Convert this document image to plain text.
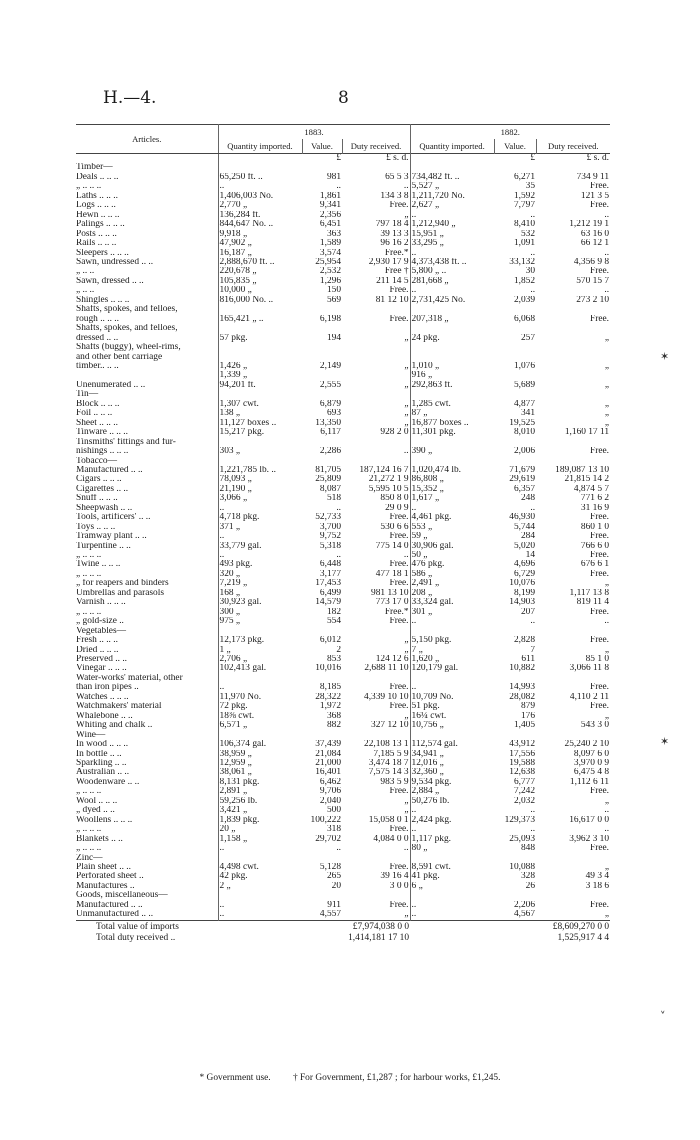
H.—4.	8
Articles.	1883.			1882.		
	Quantity imported.	Value.	Duty received.	Quantity imported.	Value.	Duty received.
		£	£ s. d.		£	£ s. d.
Timber—						
Deals .. .. ..	65,250 ft. ..	981	65 5 3	734,482 ft. ..	6,271	734 9 11
„ .. .. ..	..	..	..	5,527 „	35	Free.
Laths .. .. ..	1,406,003 No.	1,861	134 3 8	1,211,720 No.	1,592	121 3 5
Logs .. .. ..	2,770 „	9,341	Free.	2,627 „	7,797	Free.
Hewn .. .. ..	136,284 ft.	2,356	„	..	..	..
Palings .. .. ..	844,647 No. ..	6,451	797 18 4	1,212,940 „	8,410	1,212 19 1
Posts .. .. ..	9,918 „	363	39 13 3	15,951 „	532	63 16 0
Rails .. .. ..	47,902 „	1,589	96 16 2	33,295 „	1,091	66 12 1
Sleepers .. .. ..	16,187 „	3,574	Free.*	..	..	..
Sawn, undressed .. ..	2,888,670 ft. ..	25,954	2,930 17 9	4,373,438 ft. ..	33,132	4,356 9 8
„ .. ..	220,678 „	2,532	Free †	5,800 „ ..	30	Free.
Sawn, dressed .. ..	105,835 „	1,296	211 14 5	281,668 „	1,852	570 15 7
„ .. ..	10,000 „	150	Free.	..	..	..
Shingles .. .. ..	816,000 No. ..	569	81 12 10	2,731,425 No.	2,039	273 2 10
Shafts, spokes, and felloes,						
rough .. .. ..	165,421 „ ..	6,198	Free.	207,318 „	6,068	Free.
Shafts, spokes, and felloes,						
dressed .. ..	57 pkg.	194	„	24 pkg.	257	„
Shafts (buggy), wheel-rims,						
and other bent carriage						
timber.. .. ..	1,426 „	2,149	„	1,010 „	1,076	„
	1,339 „			916 „		
Unenumerated .. ..	94,201 ft.	2,555	„	292,863 ft.	5,689	„
Tin—						
Block .. .. ..	1,307 cwt.	6,879	„	1,285 cwt.	4,877	„
Foil .. .. ..	138 „	693	„	87 „	341	„
Sheet .. .. ..	11,127 boxes ..	13,350	„	16,877 boxes ..	19,525	„
Tinware .. .. ..	15,217 pkg.	6,117	928 2 0	11,301 pkg.	8,010	1,160 17 11
Tinsmiths' fittings and fur-						
nishings .. .. ..	303 „	2,286	..	390 „	2,006	Free.
Tobacco—						
Manufactured .. ..	1,221,785 lb. ..	81,705	187,124 16 7	1,020,474 lb.	71,679	189,087 13 10
Cigars .. .. ..	78,093 „	25,809	21,272 1 9	86,808 „	29,619	21,815 14 2
Cigarettes .. ..	21,190 „	8,087	5,595 10 5	15,352 „	6,357	4,874 5 7
Snuff .. .. ..	3,066 „	518	850 8 0	1,617 „	248	771 6 2
Sheepwash .. ..	..	..	29 0 9	..	..	31 16 9
Tools, artificers' .. ..	4,718 pkg.	52,733	Free.	4,461 pkg.	46,930	Free.
Toys .. .. ..	371 „	3,700	530 6 6	553 „	5,744	860 1 0
Tramway plant .. ..	..	9,752	Free.	59 „	284	Free.
Turpentine .. ..	33,779 gal.	5,318	775 14 0	30,906 gal.	5,020	766 6 0
„ .. .. ..	..	..	..	50 „	14	Free.
Twine .. .. ..	493 pkg.	6,448	Free.	476 pkg.	4,696	676 6 1
„ .. .. ..	320 „	3,177	477 18 1	586 „	6,729	Free.
„ for reapers and binders	7,219 „	17,453	Free.	2,491 „	10,076	„
Umbrellas and parasols	168 „	6,499	981 13 10	208 „	8,199	1,117 13 8
Varnish .. .. ..	30,923 gal.	14,579	773 17 0	33,324 gal.	14,903	819 11 4
„ .. .. ..	300 „	182	Free.*	301 „	207	Free.
„ gold-size ..	975 „	554	Free.	..	..	..
Vegetables—						
Fresh .. .. ..	12,173 pkg.	6,012	„	5,150 pkg.	2,828	Free.
Dried .. .. ..	1 „	2	„	7 „	7	„
Preserved .. ..	2,706 „	853	124 12 6	1,620 „	611	85 1 0
Vinegar .. .. ..	102,413 gal.	10,016	2,688 11 10	120,179 gal.	10,882	3,066 11 8
Water-works' material, other						
than iron pipes ..	..	8,185	Free.	..	14,993	Free.
Watches .. .. ..	11,970 No.	28,322	4,339 10 10	10,709 No.	28,082	4,110 2 11
Watchmakers' material	72 pkg.	1,972	Free.	51 pkg.	879	Free.
Whalebone .. ..	18⅜ cwt.	368	„	16¼ cwt.	176	„
Whiting and chalk ..	6,571 „	882	327 12 10	10,756 „	1,405	543 3 0
Wine—						
In wood .. .. ..	106,374 gal.	37,439	22,108 13 1	112,574 gal.	43,912	25,240 2 10
In bottle .. ..	38,959 „	21,084	7,185 5 9	34,941 „	17,556	8,097 6 0
Sparkling .. ..	12,959 „	21,000	3,474 18 7	12,016 „	19,588	3,970 0 9
Australian .. ..	38,061 „	16,401	7,575 14 3	32,360 „	12,638	6,475 4 8
Woodenware .. ..	8,131 pkg.	6,462	983 5 9	9,534 pkg.	6,777	1,112 6 11
„ .. .. ..	2,891 „	9,706	Free.	2,884 „	7,242	Free.
Wool .. .. ..	59,256 lb.	2,040	„	50,276 lb.	2,032	„
„ dyed .. ..	3,421 „	500	„	..	..	..
Woollens .. .. ..	1,839 pkg.	100,222	15,058 0 1	2,424 pkg.	129,373	16,617 0 0
„ .. .. ..	20 „	318	Free.	..	..	..
Blankets .. ..	1,158 „	29,702	4,084 0 0	1,117 pkg.	25,093	3,962 3 10
„ .. .. ..	..	..	..	80 „	848	Free.
Zinc—						
Plain sheet .. ..	4,498 cwt.	5,128	Free.	8,591 cwt.	10,088	„
Perforated sheet ..	42 pkg.	265	39 16 4	41 pkg.	328	49 3 4
Manufactures ..	2 „	20	3 0 0	6 „	26	3 18 6
Goods, miscellaneous—						
Manufactured .. ..	..	911	Free.	..	2,206	Free.
Unmanufactured .. ..	..	4,557	„	..	4,567	„
Total value of imports	£7,974,038 0 0			£8,609,270 0 0		
Total duty received ..	1,414,181 17 10			1,525,917 4 4		
* Government use. † For Government, £1,287 ; for harbour works, £1,245.
✶
✶
˅
